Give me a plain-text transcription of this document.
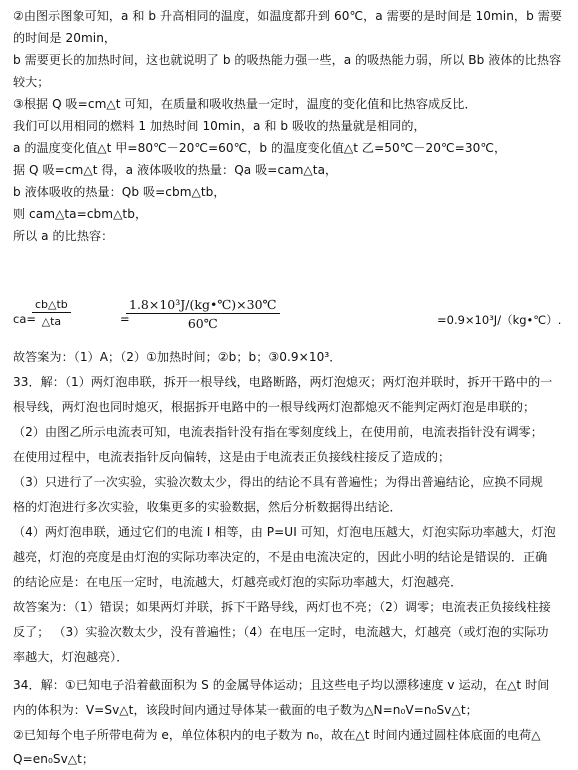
②由图示图象可知，a 和 b 升高相同的温度，如温度都升到 60℃，a 需要的是时间是 10min，b 需要
的时间是 20min，
b 需要更长的加热时间，这也就说明了 b 的吸热能力强一些，a 的吸热能力弱，所以 Bb 液体的比热容
较大；
③根据 Q 吸=cm△t 可知，在质量和吸收热量一定时，温度的变化值和比热容成反比．
我们可以用相同的燃料 1 加热时间 10min，a 和 b 吸收的热量就是相同的，
a 的温度变化值△t 甲=80℃－20℃=60℃，b 的温度变化值△t 乙=50℃－20℃=30℃，
据 Q 吸=cm△t 得，a 液体吸收的热量：Qa 吸=cam△ta，
b 液体吸收的热量：Qb 吸=cbm△tb，
则 cam△ta=cbm△tb，
所以 a 的比热容：
ca=
$\frac{cb\triangle tb}{\triangle ta}$	=
$\frac{\text{1.8×10³J/(kg•℃)×30℃}}{60℃}$	=0.9×10³J/（kg•℃）.
故答案为：（1）A；（2）①加热时间；②b；b；③0.9×10³．
33．解：（1）两灯泡串联，拆开一根导线，电路断路，两灯泡熄灭；两灯泡并联时，拆开干路中的一
根导线，两灯泡也同时熄灭，根据拆开电路中的一根导线两灯泡都熄灭不能判定两灯泡是串联的；
（2）由图乙所示电流表可知，电流表指针没有指在零刻度线上，在使用前，电流表指针没有调零；
在使用过程中，电流表指针反向偏转，这是由于电流表正负接线柱接反了造成的；
（3）只进行了一次实验，实验次数太少，得出的结论不具有普遍性；为得出普遍结论，应换不同规
格的灯泡进行多次实验，收集更多的实验数据，然后分析数据得出结论．
（4）两灯泡串联，通过它们的电流 I 相等，由 P=UI 可知，灯泡电压越大，灯泡实际功率越大，灯泡
越亮，灯泡的亮度是由灯泡的实际功率决定的，不是由电流决定的，因此小明的结论是错误的．正确
的结论应是：在电压一定时，电流越大，灯越亮或灯泡的实际功率越大，灯泡越亮．
故答案为：（1）错误；如果两灯并联，拆下干路导线，两灯也不亮；（2）调零；电流表正负接线柱接
反了； （3）实验次数太少，没有普遍性；（4）在电压一定时，电流越大，灯越亮（或灯泡的实际功
率越大，灯泡越亮）．
34．解：①已知电子沿着截面积为 S 的金属导体运动；且这些电子均以漂移速度 v 运动，在△t 时间
内的体积为：V=Sv△t，该段时间内通过导体某一截面的电子数为△N=n₀V=n₀Sv△t；
②已知每个电子所带电荷为 e，单位体积内的电子数为 n₀，故在△t 时间内通过圆柱体底面的电荷△
Q=en₀Sv△t；
